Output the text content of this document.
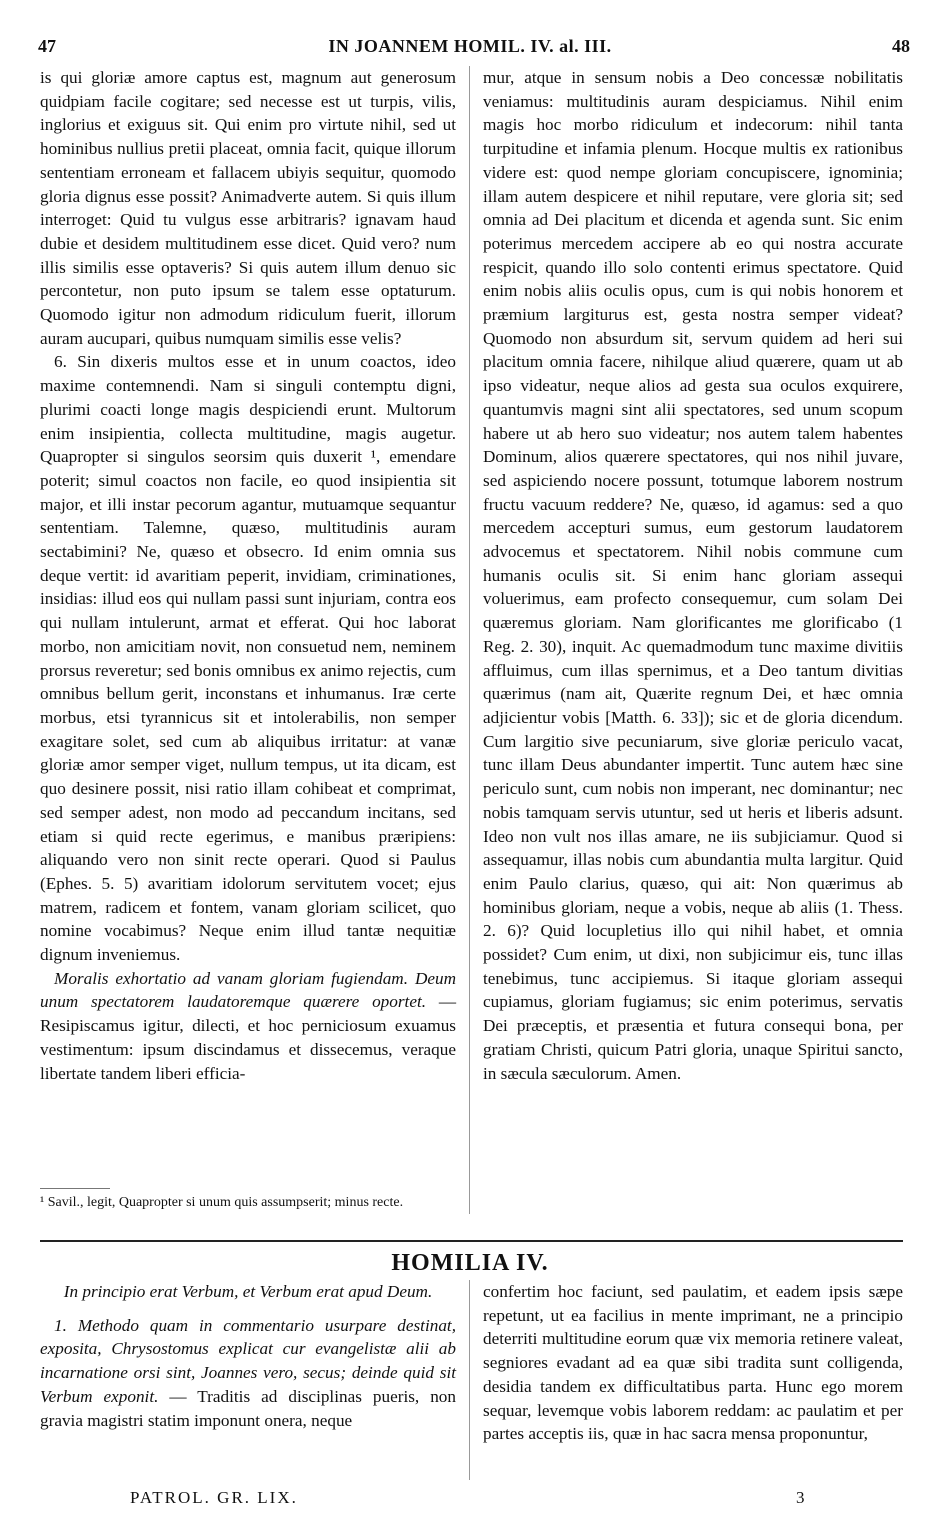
47	IN JOANNEM HOMIL. IV. al. III.	48

is qui gloriæ amore captus est, magnum aut generosum quidpiam facile cogitare; sed necesse est ut turpis, vilis, inglorius et exiguus sit. Qui enim pro virtute nihil, sed ut hominibus nullius pretii placeat, omnia facit, quique illorum sententiam erroneam et fallacem ubiyis sequitur, quomodo gloria dignus esse possit? Animadverte autem. Si quis illum interroget: Quid tu vulgus esse arbitraris? ignavam haud dubie et desidem multitudinem esse dicet. Quid vero? num illis similis esse optaveris? Si quis autem illum denuo sic percontetur, non puto ipsum se talem esse optaturum. Quomodo igitur non admodum ridiculum fuerit, illorum auram aucupari, quibus numquam similis esse velis?

6. Sin dixeris multos esse et in unum coactos, ideo maxime contemnendi. Nam si singuli contemptu digni, plurimi coacti longe magis despiciendi erunt. Multorum enim insipientia, collecta multitudine, magis augetur. Quapropter si singulos seorsim quis duxerit ¹, emendare poterit; simul coactos non facile, eo quod insipientia sit major, et illi instar pecorum agantur, mutuamque sequantur sententiam. Talemne, quæso, multitudinis auram sectabimini? Ne, quæso et obsecro. Id enim omnia sus deque vertit: id avaritiam peperit, invidiam, criminationes, insidias: illud eos qui nullam passi sunt injuriam, contra eos qui nullam intulerunt, armat et efferat. Qui hoc laborat morbo, non amicitiam novit, non consuetud nem, neminem prorsus reveretur; sed bonis omnibus ex animo rejectis, cum omnibus bellum gerit, inconstans et inhumanus. Iræ certe morbus, etsi tyrannicus sit et intolerabilis, non semper exagitare solet, sed cum ab aliquibus irritatur: at vanæ gloriæ amor semper viget, nullum tempus, ut ita dicam, est quo desinere possit, nisi ratio illam cohibeat et comprimat, sed semper adest, non modo ad peccandum incitans, sed etiam si quid recte egerimus, e manibus præripiens: aliquando vero non sinit recte operari. Quod si Paulus (Ephes. 5. 5) avaritiam idolorum servitutem vocet; ejus matrem, radicem et fontem, vanam gloriam scilicet, quo nomine vocabimus? Neque enim illud tantæ nequitiæ dignum inveniemus.

Moralis exhortatio ad vanam gloriam fugiendam. Deum unum spectatorem laudatoremque quærere oportet. — Resipiscamus igitur, dilecti, et hoc perniciosum exuamus vestimentum: ipsum discindamus et dissecemus, veraque libertate tandem liberi efficia-

mur, atque in sensum nobis a Deo concessæ nobilitatis veniamus: multitudinis auram despiciamus. Nihil enim magis hoc morbo ridiculum et indecorum: nihil tanta turpitudine et infamia plenum. Hocque multis ex rationibus videre est: quod nempe gloriam concupiscere, ignominia; illam autem despicere et nihil reputare, vere gloria sit; sed omnia ad Dei placitum et dicenda et agenda sunt. Sic enim poterimus mercedem accipere ab eo qui nostra accurate respicit, quando illo solo contenti erimus spectatore. Quid enim nobis aliis oculis opus, cum is qui nobis honorem et præmium largiturus est, gesta nostra semper videat? Quomodo non absurdum sit, servum quidem ad heri sui placitum omnia facere, nihilque aliud quærere, quam ut ab ipso videatur, neque alios ad gesta sua oculos exquirere, quantumvis magni sint alii spectatores, sed unum scopum habere ut ab hero suo videatur; nos autem talem habentes Dominum, alios quærere spectatores, qui nos nihil juvare, sed aspiciendo nocere possunt, totumque laborem nostrum fructu vacuum reddere? Ne, quæso, id agamus: sed a quo mercedem accepturi sumus, eum gestorum laudatorem advocemus et spectatorem. Nihil nobis commune cum humanis oculis sit. Si enim hanc gloriam assequi voluerimus, eam profecto consequemur, cum solam Dei quæremus gloriam. Nam glorificantes me glorificabo (1 Reg. 2. 30), inquit. Ac quemadmodum tunc maxime divitiis affluimus, cum illas spernimus, et a Deo tantum divitias quærimus (nam ait, Quærite regnum Dei, et hæc omnia adjicientur vobis [Matth. 6. 33]); sic et de gloria dicendum. Cum largitio sive pecuniarum, sive gloriæ periculo vacat, tunc illam Deus abundanter impertit. Tunc autem hæc sine periculo sunt, cum nobis non imperant, nec dominantur; nec nobis tamquam servis utuntur, sed ut heris et liberis adsunt. Ideo non vult nos illas amare, ne iis subjiciamur. Quod si assequamur, illas nobis cum abundantia multa largitur. Quid enim Paulo clarius, quæso, qui ait: Non quærimus ab hominibus gloriam, neque a vobis, neque ab aliis (1. Thess. 2. 6)? Quid locupletius illo qui nihil habet, et omnia possidet? Cum enim, ut dixi, non subjicimur eis, tunc illas tenebimus, tunc accipiemus. Si itaque gloriam assequi cupiamus, gloriam fugiamus; sic enim poterimus, servatis Dei præceptis, et præsentia et futura consequi bona, per gratiam Christi, quicum Patri gloria, unaque Spiritui sancto, in sæcula sæculorum. Amen.

¹ Savil., legit, Quapropter si unum quis assumpserit; minus recte.
HOMILIA IV.

In principio erat Verbum, et Verbum erat apud Deum.

1. Methodo quam in commentario usurpare destinat, exposita, Chrysostomus explicat cur evangelistæ alii ab incarnatione orsi sint, Joannes vero, secus; deinde quid sit Verbum exponit. — Traditis ad disciplinas pueris, non gravia magistri statim imponunt onera, neque

confertim hoc faciunt, sed paulatim, et eadem ipsis sæpe repetunt, ut ea facilius in mente imprimant, ne a principio deterriti multitudine eorum quæ vix memoria retinere valeat, segniores evadant ad ea quæ sibi tradita sunt colligenda, desidia tandem ex difficultatibus parta. Hunc ego morem sequar, levemque vobis laborem reddam: ac paulatim et per partes acceptis iis, quæ in hac sacra mensa proponuntur,

PATROL. GR. LIX.	3
